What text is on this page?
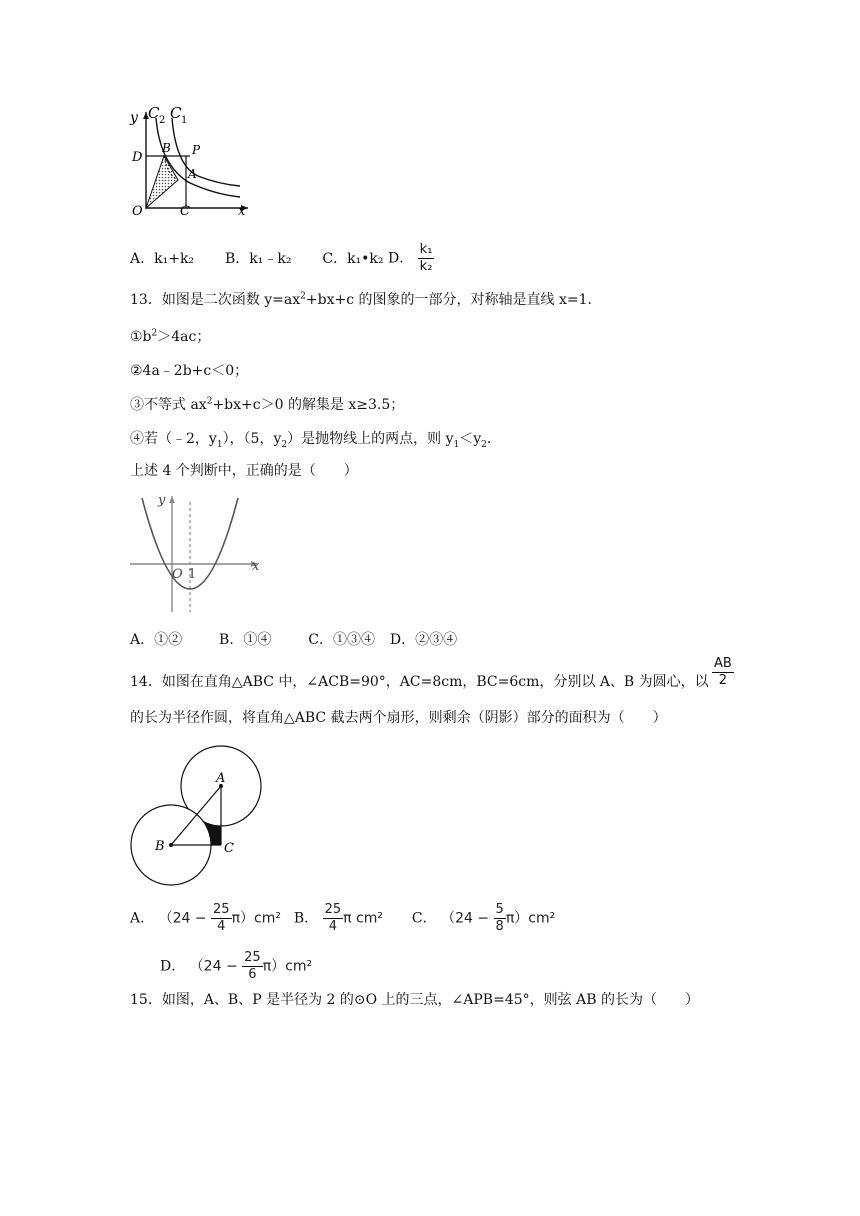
y C 2 C 1
D
B P
A
O	C	x
A．k₁+k₂ B．k₁﹣k₂ C．k₁•k₂ D． $\frac{\text{k₁}}{\text{k₂}}$
13．如图是二次函数 $y=ax^2+bx+c$ 的图象的一部分，对称轴是直线 x=1．
$①b^2>4ac$；
②4a﹣2b+c＜0；
③不等式 $ax^2+bx+c>0$ 的解集是 x≥3.5；
④若（﹣2，$y_1$），（5，$y_2$）是抛物线上的两点，则 $y_1<y_2$．
上述 4 个判断中，正确的是（　　）
y
x
O 1
A．①②	B．①④	C．①③④ D．②③④
14．如图在直角△ABC 中，∠ACB=90°，AC=8cm，BC=6cm，分别以 A、B 为圆心，以 $\frac{AB}{2}$
的长为半径作圆，将直角△ABC 截去两个扇形，则剩余（阴影）部分的面积为（　　）
A
B	C
A． $(24 - \frac{25}{4} \pi)cm^2$ B． $\frac{25}{4}$ π cm² C． $(24 - \frac{5}{8} \pi)cm^2$
D． $(24 - \frac{25}{6} \pi)cm^2$
15．如图，A、B、P 是半径为 2 的⊙O 上的三点，∠APB=45°，则弦 AB 的长为（　　）
